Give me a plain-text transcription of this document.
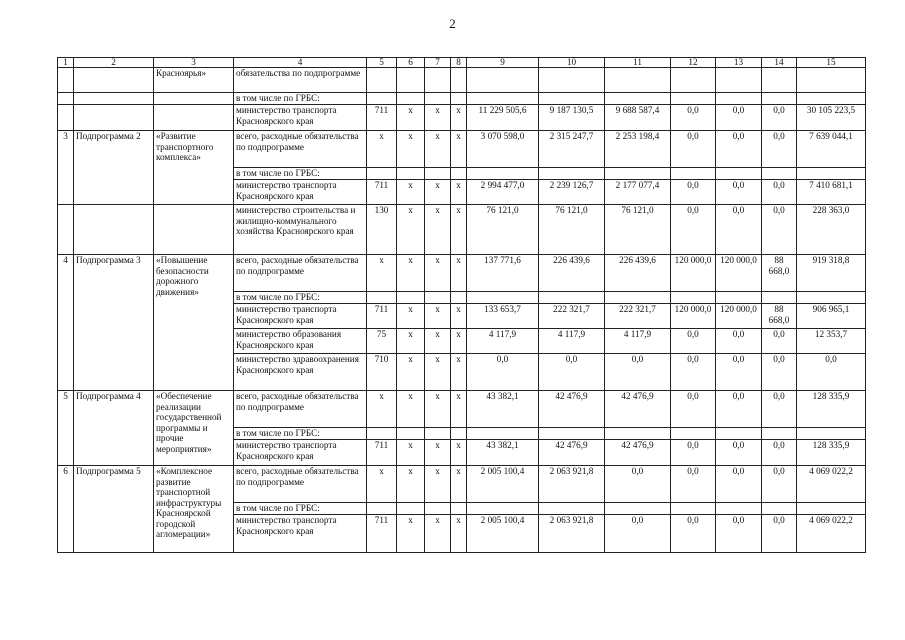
2
1	2	3	4	5	6	7	8	9	10	11	12	13	14	15
		Красноярья»	обязательства по подпрограмме											
			в том числе по ГРБС:											
			министерство транспорта Красноярского края	711	х	х	х	11 229 505,6	9 187 130,5	9 688 587,4	0,0	0,0	0,0	30 105 223,5
3	Подпрограмма 2	«Развитие транспортного комплекса»	всего, расходные обязательства по подпрограмме	х	х	х	х	3 070 598,0	2 315 247,7	2 253 198,4	0,0	0,0	0,0	7 639 044,1
			в том числе по ГРБС:											
			министерство транспорта Красноярского края	711	х	х	х	2 994 477,0	2 239 126,7	2 177 077,4	0,0	0,0	0,0	7 410 681,1
			министерство строительства и жилищно-коммунального хозяйства Красноярского края	130	х	х	х	76 121,0	76 121,0	76 121,0	0,0	0,0	0,0	228 363,0
4	Подпрограмма 3	«Повышение безопасности дорожного движения»	всего, расходные обязательства по подпрограмме	х	х	х	х	137 771,6	226 439,6	226 439,6	120 000,0	120 000,0	88 668,0	919 318,8
			в том числе по ГРБС:											
			министерство транспорта Красноярского края	711	х	х	х	133 653,7	222 321,7	222 321,7	120 000,0	120 000,0	88 668,0	906 965,1
			министерство образования Красноярского края	75	х	х	х	4 117,9	4 117,9	4 117,9	0,0	0,0	0,0	12 353,7
			министерство здравоохранения Красноярского края	710	х	х	х	0,0	0,0	0,0	0,0	0,0	0,0	0,0
5	Подпрограмма 4	«Обеспечение реализации государственной программы и прочие мероприятия»	всего, расходные обязательства по подпрограмме	х	х	х	х	43 382,1	42 476,9	42 476,9	0,0	0,0	0,0	128 335,9
			в том числе по ГРБС:											
			министерство транспорта Красноярского края	711	х	х	х	43 382,1	42 476,9	42 476,9	0,0	0,0	0,0	128 335,9
6	Подпрограмма 5	«Комплексное развитие транспортной инфраструктуры Красноярской городской агломерации»	всего, расходные обязательства по подпрограмме	х	х	х	х	2 005 100,4	2 063 921,8	0,0	0,0	0,0	0,0	4 069 022,2
			в том числе по ГРБС:											
			министерство транспорта Красноярского края	711	х	х	х	2 005 100,4	2 063 921,8	0,0	0,0	0,0	0,0	4 069 022,2
